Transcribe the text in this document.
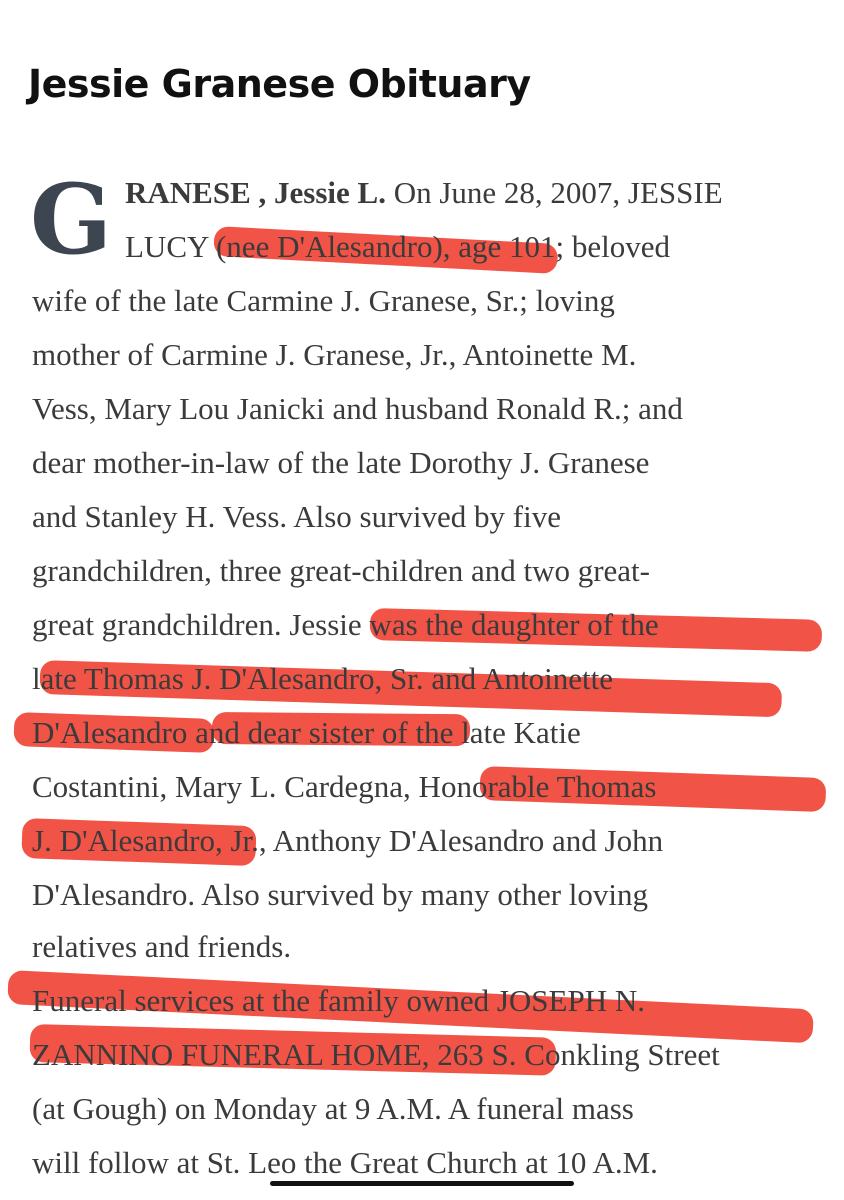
Jessie Granese Obituary
G RANESE , Jessie L. On June 28, 2007, JESSIE
LUCY (nee D'Alesandro), age 101; beloved
wife of the late Carmine J. Granese, Sr.; loving
mother of Carmine J. Granese, Jr., Antoinette M.
Vess, Mary Lou Janicki and husband Ronald R.; and
dear mother-in-law of the late Dorothy J. Granese
and Stanley H. Vess. Also survived by five
grandchildren, three great-children and two great-
great grandchildren. Jessie was the daughter of the
late Thomas J. D'Alesandro, Sr. and Antoinette
D'Alesandro and dear sister of the late Katie
Costantini, Mary L. Cardegna, Honorable Thomas
J. D'Alesandro, Jr., Anthony D'Alesandro and John
D'Alesandro. Also survived by many other loving
relatives and friends.
Funeral services at the family owned JOSEPH N.
ZANNINO FUNERAL HOME, 263 S. Conkling Street
(at Gough) on Monday at 9 A.M. A funeral mass
will follow at St. Leo the Great Church at 10 A.M.
